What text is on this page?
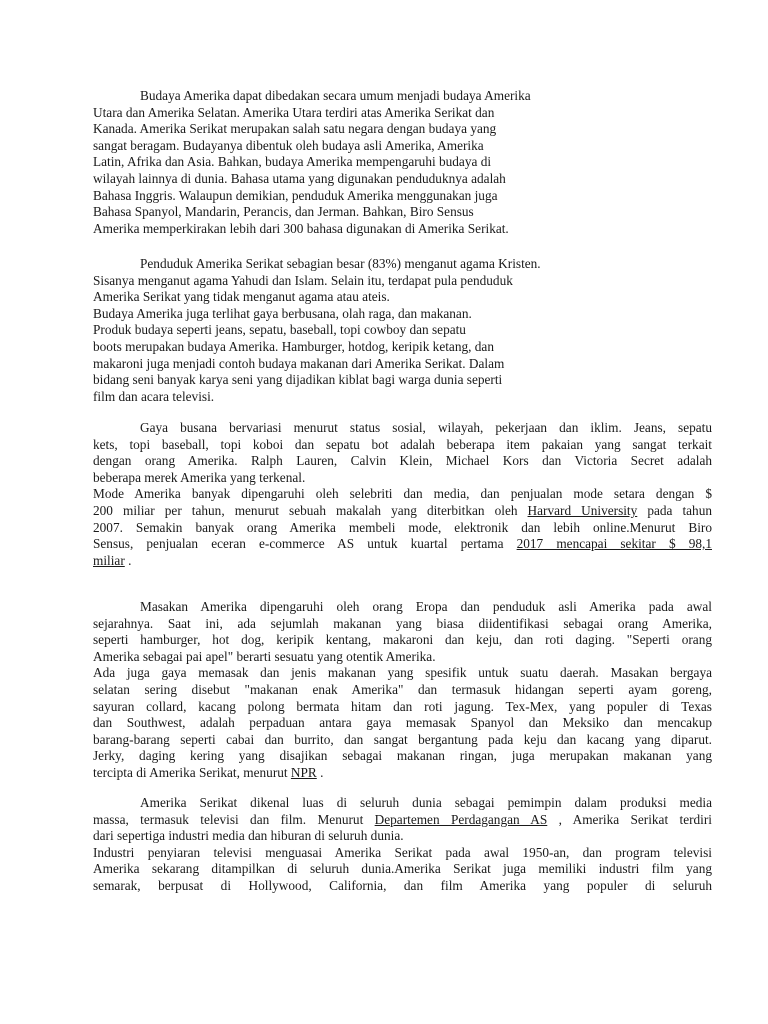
Budaya Amerika dapat dibedakan secara umum menjadi budaya Amerika
Utara dan Amerika Selatan. Amerika Utara terdiri atas Amerika Serikat dan
Kanada. Amerika Serikat merupakan salah satu negara dengan budaya yang
sangat beragam. Budayanya dibentuk oleh budaya asli Amerika, Amerika
Latin, Afrika dan Asia. Bahkan, budaya Amerika mempengaruhi budaya di
wilayah lainnya di dunia. Bahasa utama yang digunakan penduduknya adalah
Bahasa Inggris. Walaupun demikian, penduduk Amerika menggunakan juga
Bahasa Spanyol, Mandarin, Perancis, dan Jerman. Bahkan, Biro Sensus
Amerika memperkirakan lebih dari 300 bahasa digunakan di Amerika Serikat.
Penduduk Amerika Serikat sebagian besar (83%) menganut agama Kristen.
Sisanya menganut agama Yahudi dan Islam. Selain itu, terdapat pula penduduk
Amerika Serikat yang tidak menganut agama atau ateis.
Budaya Amerika juga terlihat gaya berbusana, olah raga, dan makanan.
Produk budaya seperti jeans, sepatu, baseball, topi cowboy dan sepatu
boots merupakan budaya Amerika. Hamburger, hotdog, keripik ketang, dan
makaroni juga menjadi contoh budaya makanan dari Amerika Serikat. Dalam
bidang seni banyak karya seni yang dijadikan kiblat bagi warga dunia seperti
film dan acara televisi.
Gaya busana bervariasi menurut status sosial, wilayah, pekerjaan dan iklim. Jeans, sepatu
kets, topi baseball, topi koboi dan sepatu bot adalah beberapa item pakaian yang sangat terkait
dengan orang Amerika. Ralph Lauren, Calvin Klein, Michael Kors dan Victoria Secret adalah
beberapa merek Amerika yang terkenal.
Mode Amerika banyak dipengaruhi oleh selebriti dan media, dan penjualan mode setara dengan $
200 miliar per tahun, menurut sebuah makalah yang diterbitkan oleh Harvard University pada tahun
2007. Semakin banyak orang Amerika membeli mode, elektronik dan lebih online.Menurut Biro
Sensus, penjualan eceran e-commerce AS untuk kuartal pertama 2017 mencapai sekitar $ 98,1
miliar .
Masakan Amerika dipengaruhi oleh orang Eropa dan penduduk asli Amerika pada awal
sejarahnya. Saat ini, ada sejumlah makanan yang biasa diidentifikasi sebagai orang Amerika,
seperti hamburger, hot dog, keripik kentang, makaroni dan keju, dan roti daging. "Seperti orang
Amerika sebagai pai apel" berarti sesuatu yang otentik Amerika.
Ada juga gaya memasak dan jenis makanan yang spesifik untuk suatu daerah. Masakan bergaya
selatan sering disebut "makanan enak Amerika" dan termasuk hidangan seperti ayam goreng,
sayuran collard, kacang polong bermata hitam dan roti jagung. Tex-Mex, yang populer di Texas
dan Southwest, adalah perpaduan antara gaya memasak Spanyol dan Meksiko dan mencakup
barang-barang seperti cabai dan burrito, dan sangat bergantung pada keju dan kacang yang diparut.
Jerky, daging kering yang disajikan sebagai makanan ringan, juga merupakan makanan yang
tercipta di Amerika Serikat, menurut NPR .
Amerika Serikat dikenal luas di seluruh dunia sebagai pemimpin dalam produksi media
massa, termasuk televisi dan film. Menurut Departemen Perdagangan AS , Amerika Serikat terdiri
dari sepertiga industri media dan hiburan di seluruh dunia.
Industri penyiaran televisi menguasai Amerika Serikat pada awal 1950-an, dan program televisi
Amerika sekarang ditampilkan di seluruh dunia.Amerika Serikat juga memiliki industri film yang
semarak, berpusat di Hollywood, California, dan film Amerika yang populer di seluruh
